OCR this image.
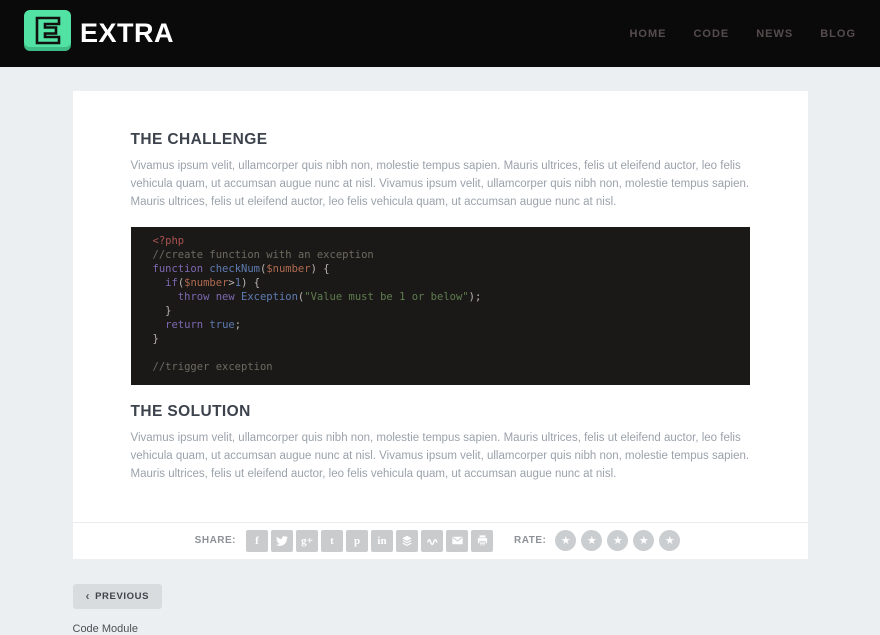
EXTRA	HOME CODE NEWS BLOG
THE CHALLENGE

Vivamus ipsum velit, ullamcorper quis nibh non, molestie tempus sapien. Mauris ultrices, felis ut eleifend auctor, leo felis vehicula quam, ut accumsan augue nunc at nisl. Vivamus ipsum velit, ullamcorper quis nibh non, molestie tempus sapien. Mauris ultrices, felis ut eleifend auctor, leo felis vehicula quam, ut accumsan augue nunc at nisl.

<?php
//create function with an exception
function checkNum($number) {
if($number>1) {
throw new Exception("Value must be 1 or below");
}
return true;
}

//trigger exception
THE SOLUTION

Vivamus ipsum velit, ullamcorper quis nibh non, molestie tempus sapien. Mauris ultrices, felis ut eleifend auctor, leo felis vehicula quam, ut accumsan augue nunc at nisl. Vivamus ipsum velit, ullamcorper quis nibh non, molestie tempus sapien. Mauris ultrices, felis ut eleifend auctor, leo felis vehicula quam, ut accumsan augue nunc at nisl.

SHARE:	f	g+	t	p	in	RATE: ★ ★ ★ ★ ★
‹ PREVIOUS
Code Module
